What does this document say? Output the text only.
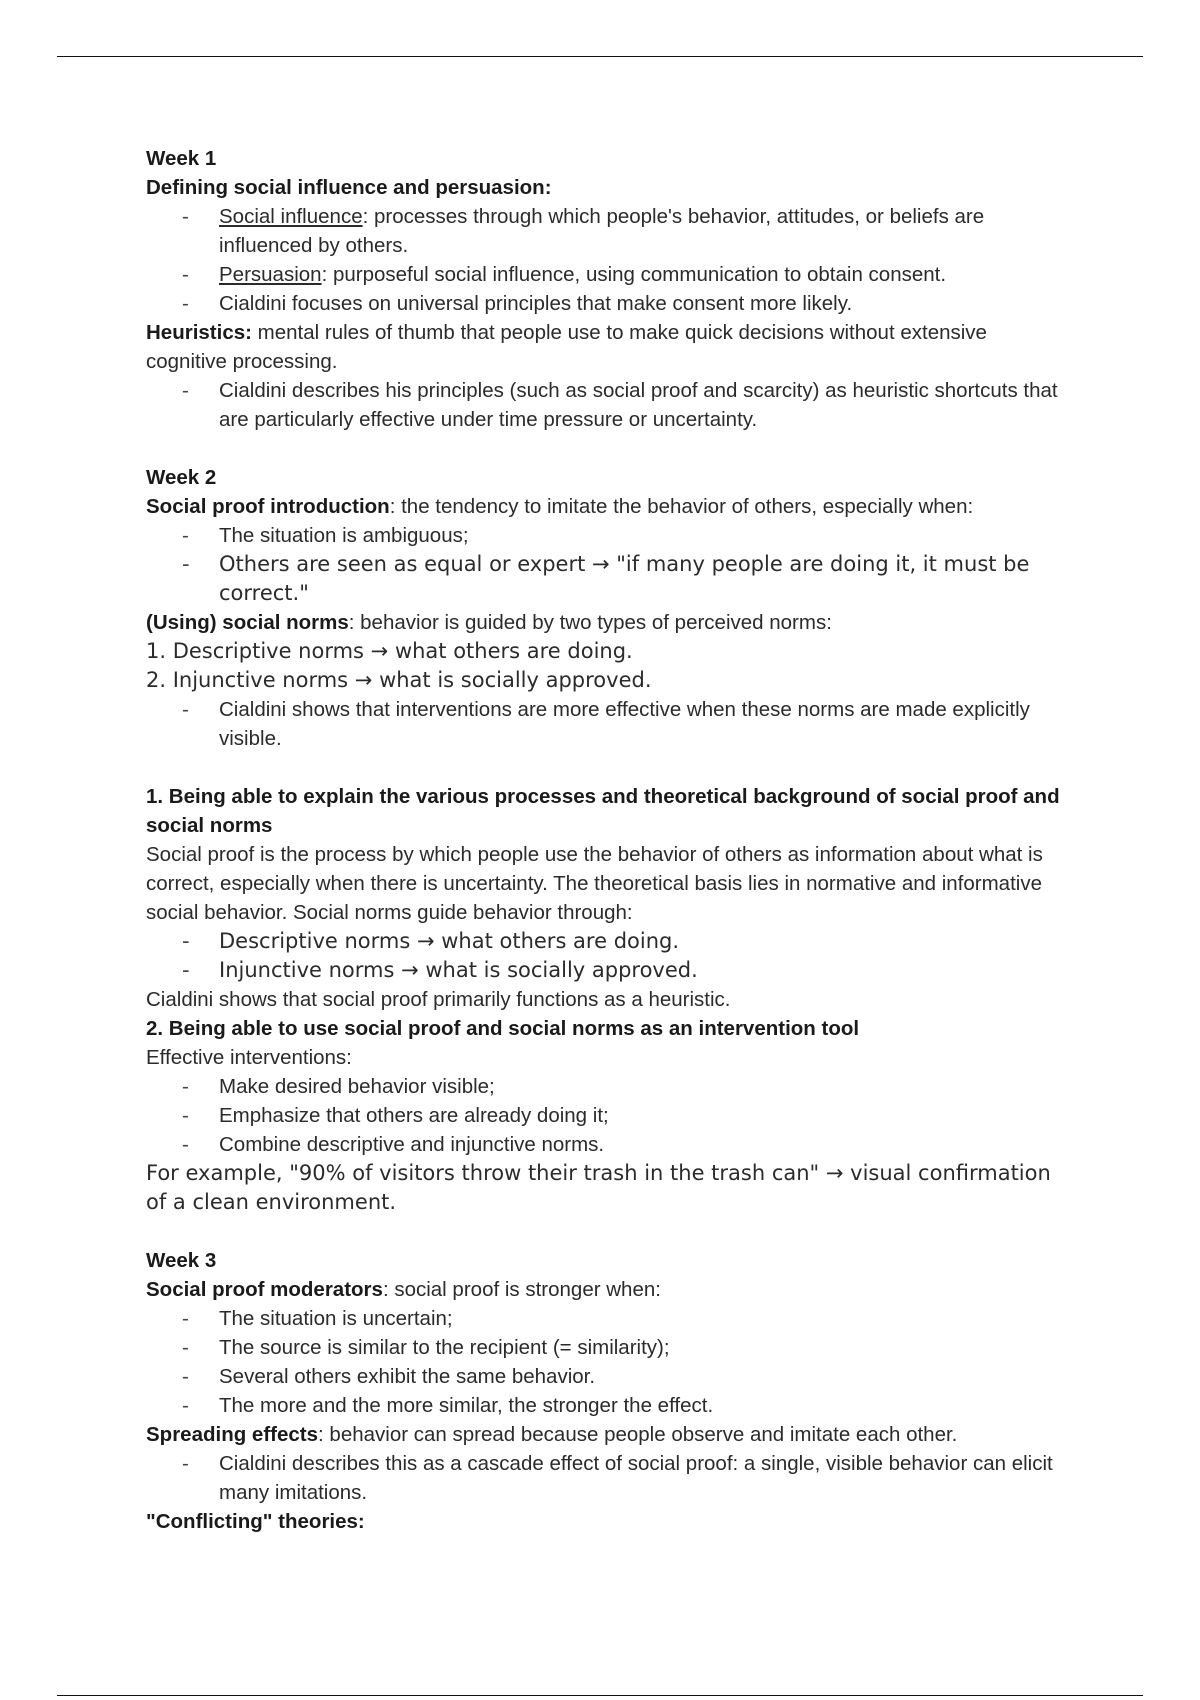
Week 1

Defining social influence and persuasion:

- Social influence: processes through which people's behavior, attitudes, or beliefs are influenced by others.

- Persuasion: purposeful social influence, using communication to obtain consent.

- Cialdini focuses on universal principles that make consent more likely.

Heuristics: mental rules of thumb that people use to make quick decisions without extensive cognitive processing.

- Cialdini describes his principles (such as social proof and scarcity) as heuristic shortcuts that are particularly effective under time pressure or uncertainty.

Week 2

Social proof introduction: the tendency to imitate the behavior of others, especially when:

- The situation is ambiguous;

- Others are seen as equal or expert → "if many people are doing it, it must be correct."

(Using) social norms: behavior is guided by two types of perceived norms:

1. Descriptive norms → what others are doing.

2. Injunctive norms → what is socially approved.

- Cialdini shows that interventions are more effective when these norms are made explicitly visible.

1. Being able to explain the various processes and theoretical background of social proof and social norms

Social proof is the process by which people use the behavior of others as information about what is correct, especially when there is uncertainty. The theoretical basis lies in normative and informative social behavior. Social norms guide behavior through:

- Descriptive norms → what others are doing.

- Injunctive norms → what is socially approved.

Cialdini shows that social proof primarily functions as a heuristic.

2. Being able to use social proof and social norms as an intervention tool

Effective interventions:

- Make desired behavior visible;

- Emphasize that others are already doing it;

- Combine descriptive and injunctive norms.

For example, "90% of visitors throw their trash in the trash can" → visual confirmation of a clean environment.

Week 3

Social proof moderators: social proof is stronger when:

- The situation is uncertain;

- The source is similar to the recipient (= similarity);

- Several others exhibit the same behavior.

- The more and the more similar, the stronger the effect.

Spreading effects: behavior can spread because people observe and imitate each other.

- Cialdini describes this as a cascade effect of social proof: a single, visible behavior can elicit many imitations.

"Conflicting" theories:
